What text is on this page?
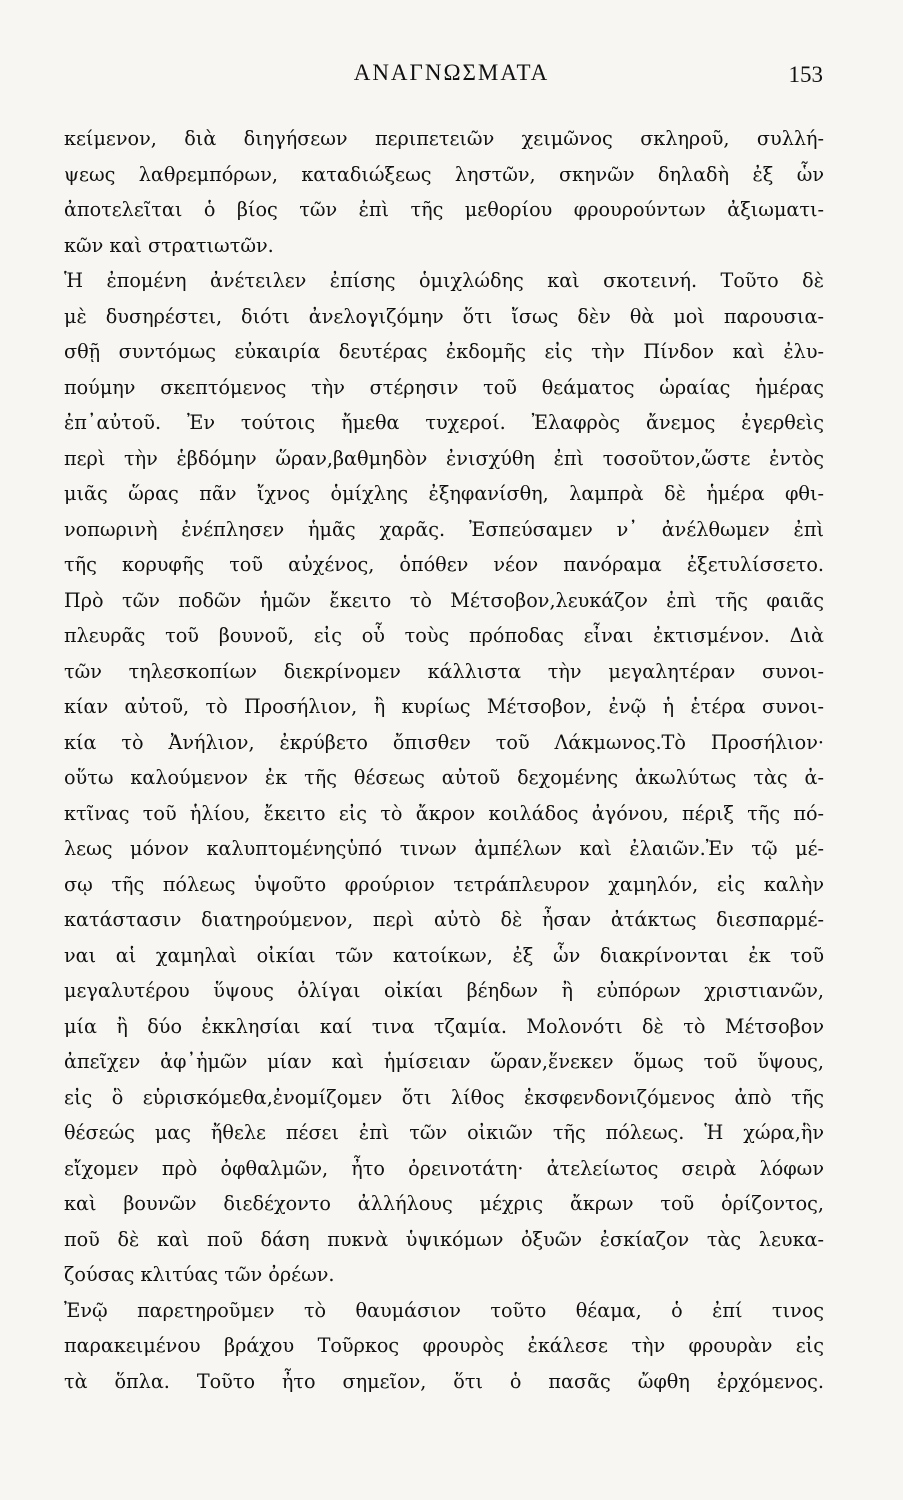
ΑΝΑΓΝΩΣΜΑΤΑ	153
κείμενον, διὰ διηγήσεων περιπετειῶν χειμῶνος σκληροῦ, συλλή-
ψεως λαθρεμπόρων, καταδιώξεως ληστῶν, σκηνῶν δηλαδὴ ἐξ ὧν
ἀποτελεῖται ὁ βίος τῶν ἐπὶ τῆς μεθορίου φρουρούντων ἀξιωματι-
κῶν καὶ στρατιωτῶν.
Ἡ ἐπομένη ἀνέτειλεν ἐπίσης ὁμιχλώδης καὶ σκοτεινή. Τοῦτο δὲ
μὲ δυσηρέστει, διότι ἀνελογιζόμην ὅτι ἴσως δὲν θὰ μοὶ παρουσια-
σθῇ συντόμως εὐκαιρία δευτέρας ἐκδομῆς εἰς τὴν Πίνδον καὶ ἐλυ-
πούμην σκεπτόμενος τὴν στέρησιν τοῦ θεάματος ὡραίας ἡμέρας
ἐπ᾽αὐτοῦ. Ἐν τούτοις ἤμεθα τυχεροί. Ἐλαφρὸς ἄνεμος ἐγερθεὶς
περὶ τὴν ἑβδόμην ὥραν,βαθμηδὸν ἐνισχύθη ἐπὶ τοσοῦτον,ὥστε ἐντὸς
μιᾶς ὥρας πᾶν ἴχνος ὁμίχλης ἐξηφανίσθη, λαμπρὰ δὲ ἡμέρα φθι-
νοπωρινὴ ἐνέπλησεν ἡμᾶς χαρᾶς. Ἐσπεύσαμεν ν᾽ ἀνέλθωμεν ἐπὶ
τῆς κορυφῆς τοῦ αὐχένος, ὁπόθεν νέον πανόραμα ἐξετυλίσσετο.
Πρὸ τῶν ποδῶν ἡμῶν ἔκειτο τὸ Μέτσοβον,λευκάζον ἐπὶ τῆς φαιᾶς
πλευρᾶς τοῦ βουνοῦ, εἰς οὗ τοὺς πρόποδας εἶναι ἐκτισμένον. Διὰ
τῶν τηλεσκοπίων διεκρίνομεν κάλλιστα τὴν μεγαλητέραν συνοι-
κίαν αὐτοῦ, τὸ Προσήλιον, ἢ κυρίως Μέτσοβον, ἐνῷ ἡ ἑτέρα συνοι-
κία τὸ Ἀνήλιον, ἐκρύβετο ὄπισθεν τοῦ Λάκμωνος.Τὸ Προσήλιον·
οὕτω καλούμενον ἐκ τῆς θέσεως αὐτοῦ δεχομένης ἀκωλύτως τὰς ἀ-
κτῖνας τοῦ ἡλίου, ἔκειτο εἰς τὸ ἄκρον κοιλάδος ἀγόνου, πέριξ τῆς πό-
λεως μόνον καλυπτομένηςὑπό τινων ἀμπέλων καὶ ἐλαιῶν.Ἐν τῷ μέ-
σῳ τῆς πόλεως ὑψοῦτο φρούριον τετράπλευρον χαμηλόν, εἰς καλὴν
κατάστασιν διατηρούμενον, περὶ αὐτὸ δὲ ἦσαν ἀτάκτως διεσπαρμέ-
ναι αἱ χαμηλαὶ οἰκίαι τῶν κατοίκων, ἐξ ὧν διακρίνονται ἐκ τοῦ
μεγαλυτέρου ὕψους ὀλίγαι οἰκίαι βέηδων ἢ εὐπόρων χριστιανῶν,
μία ἢ δύο ἐκκλησίαι καί τινα τζαμία. Μολονότι δὲ τὸ Μέτσοβον
ἀπεῖχεν ἀφ᾽ἡμῶν μίαν καὶ ἡμίσειαν ὥραν,ἕνεκεν ὅμως τοῦ ὕψους,
εἰς ὃ εὑρισκόμεθα,ἐνομίζομεν ὅτι λίθος ἐκσφενδονιζόμενος ἀπὸ τῆς
θέσεώς μας ἤθελε πέσει ἐπὶ τῶν οἰκιῶν τῆς πόλεως. Ἡ χώρα,ἣν
εἴχομεν πρὸ ὀφθαλμῶν, ἦτο ὀρεινοτάτη· ἀτελείωτος σειρὰ λόφων
καὶ βουνῶν διεδέχοντο ἀλλήλους μέχρις ἄκρων τοῦ ὁρίζοντος,
ποῦ δὲ καὶ ποῦ δάση πυκνὰ ὑψικόμων ὀξυῶν ἐσκίαζον τὰς λευκα-
ζούσας κλιτύας τῶν ὀρέων.
Ἐνῷ παρετηροῦμεν τὸ θαυμάσιον τοῦτο θέαμα, ὁ ἐπί τινος
παρακειμένου βράχου Τοῦρκος φρουρὸς ἐκάλεσε τὴν φρουρὰν εἰς
τὰ ὅπλα. Τοῦτο ἦτο σημεῖον, ὅτι ὁ πασᾶς ὤφθη ἐρχόμενος.
